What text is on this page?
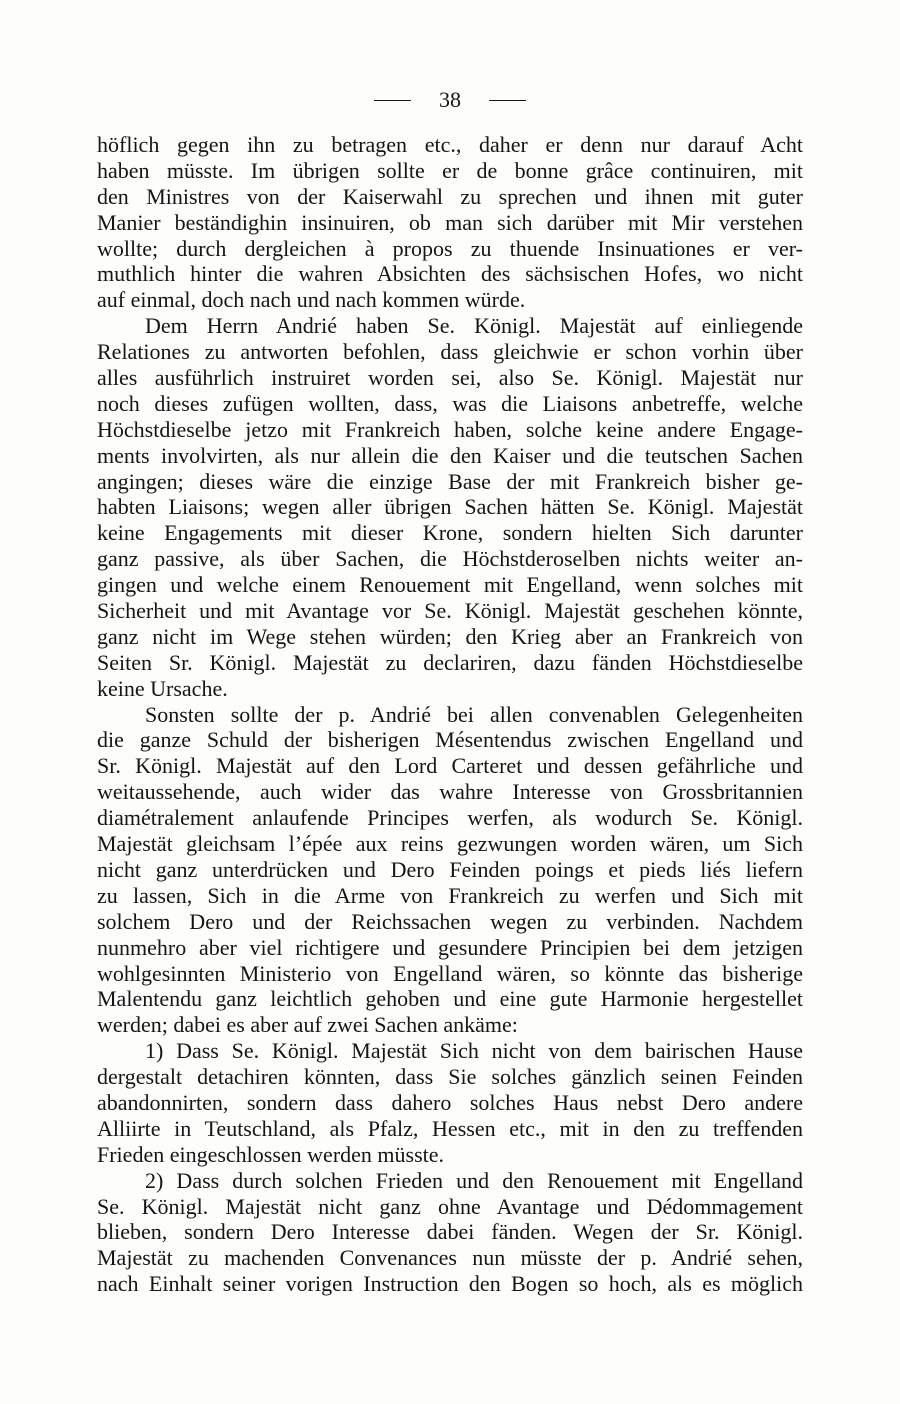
38
höflich gegen ihn zu betragen etc., daher er denn nur darauf Acht
haben müsste. Im übrigen sollte er de bonne grâce continuiren, mit
den Ministres von der Kaiserwahl zu sprechen und ihnen mit guter
Manier beständighin insinuiren, ob man sich darüber mit Mir verstehen
wollte; durch dergleichen à propos zu thuende Insinuationes er ver-
muthlich hinter die wahren Absichten des sächsischen Hofes, wo nicht
auf einmal, doch nach und nach kommen würde.
Dem Herrn Andrié haben Se. Königl. Majestät auf einliegende
Relationes zu antworten befohlen, dass gleichwie er schon vorhin über
alles ausführlich instruiret worden sei, also Se. Königl. Majestät nur
noch dieses zufügen wollten, dass, was die Liaisons anbetreffe, welche
Höchstdieselbe jetzo mit Frankreich haben, solche keine andere Engage-
ments involvirten, als nur allein die den Kaiser und die teutschen Sachen
angingen; dieses wäre die einzige Base der mit Frankreich bisher ge-
habten Liaisons; wegen aller übrigen Sachen hätten Se. Königl. Majestät
keine Engagements mit dieser Krone, sondern hielten Sich darunter
ganz passive, als über Sachen, die Höchstderoselben nichts weiter an-
gingen und welche einem Renouement mit Engelland, wenn solches mit
Sicherheit und mit Avantage vor Se. Königl. Majestät geschehen könnte,
ganz nicht im Wege stehen würden; den Krieg aber an Frankreich von
Seiten Sr. Königl. Majestät zu declariren, dazu fänden Höchstdieselbe
keine Ursache.
Sonsten sollte der p. Andrié bei allen convenablen Gelegenheiten
die ganze Schuld der bisherigen Mésentendus zwischen Engelland und
Sr. Königl. Majestät auf den Lord Carteret und dessen gefährliche und
weitaussehende, auch wider das wahre Interesse von Grossbritannien
diamétralement anlaufende Principes werfen, als wodurch Se. Königl.
Majestät gleichsam l’épée aux reins gezwungen worden wären, um Sich
nicht ganz unterdrücken und Dero Feinden poings et pieds liés liefern
zu lassen, Sich in die Arme von Frankreich zu werfen und Sich mit
solchem Dero und der Reichssachen wegen zu verbinden. Nachdem
nunmehro aber viel richtigere und gesundere Principien bei dem jetzigen
wohlgesinnten Ministerio von Engelland wären, so könnte das bisherige
Malentendu ganz leichtlich gehoben und eine gute Harmonie hergestellet
werden; dabei es aber auf zwei Sachen ankäme:
1) Dass Se. Königl. Majestät Sich nicht von dem bairischen Hause
dergestalt detachiren könnten, dass Sie solches gänzlich seinen Feinden
abandonnirten, sondern dass dahero solches Haus nebst Dero andere
Alliirte in Teutschland, als Pfalz, Hessen etc., mit in den zu treffenden
Frieden eingeschlossen werden müsste.
2) Dass durch solchen Frieden und den Renouement mit Engelland
Se. Königl. Majestät nicht ganz ohne Avantage und Dédommagement
blieben, sondern Dero Interesse dabei fänden. Wegen der Sr. Königl.
Majestät zu machenden Convenances nun müsste der p. Andrié sehen,
nach Einhalt seiner vorigen Instruction den Bogen so hoch, als es möglich
